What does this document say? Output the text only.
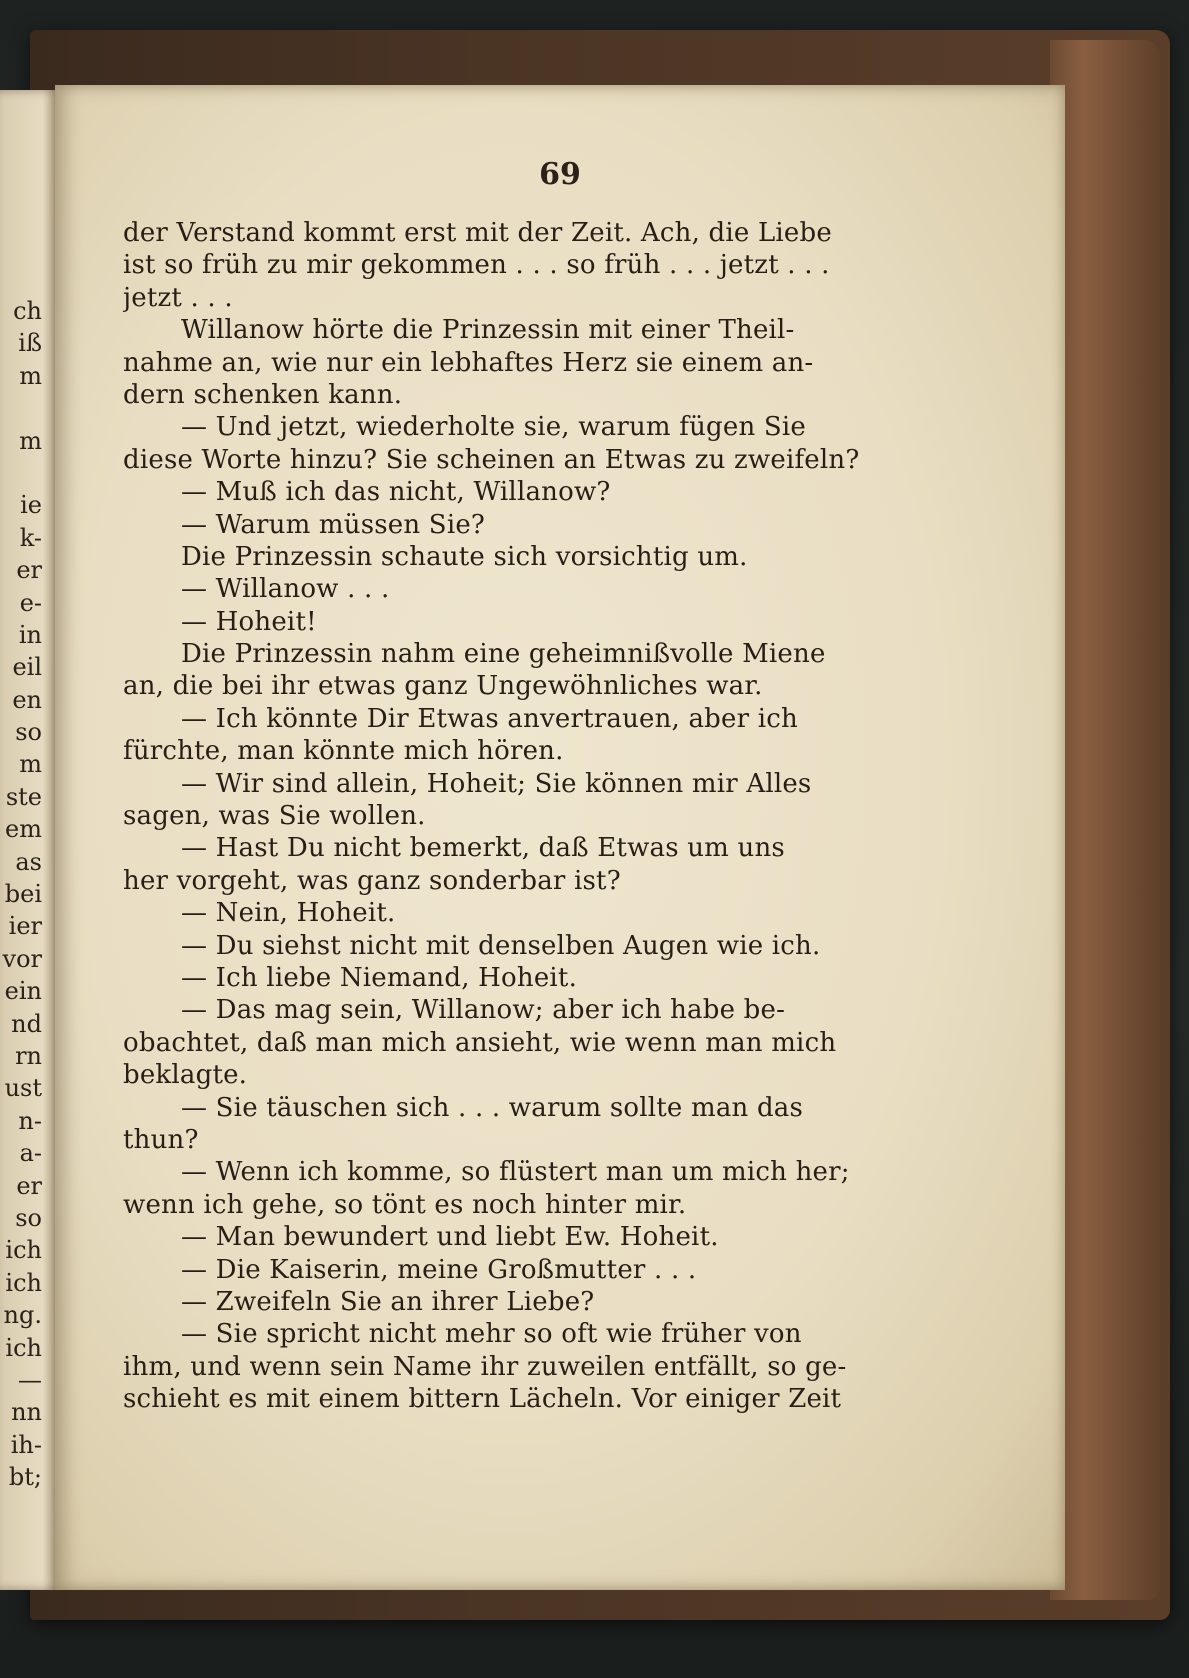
ch
iß
m
m
ie
k-
er
e-
in
eil
en
so
m
ste
em
as
bei
ier
vor
ein
nd
rn
ust
n-
a-
er
so
ich
ich
ng.
ich
—
nn
ih-
bt;
69
der Verstand kommt erst mit der Zeit. Ach, die Liebe
ist so früh zu mir gekommen . . . so früh . . . jetzt . . .
jetzt . . .
Willanow hörte die Prinzessin mit einer Theil-
nahme an, wie nur ein lebhaftes Herz sie einem an-
dern schenken kann.
— Und jetzt, wiederholte sie, warum fügen Sie
diese Worte hinzu? Sie scheinen an Etwas zu zweifeln?
— Muß ich das nicht, Willanow?
— Warum müssen Sie?
Die Prinzessin schaute sich vorsichtig um.
— Willanow . . .
— Hoheit!
Die Prinzessin nahm eine geheimnißvolle Miene
an, die bei ihr etwas ganz Ungewöhnliches war.
— Ich könnte Dir Etwas anvertrauen, aber ich
fürchte, man könnte mich hören.
— Wir sind allein, Hoheit; Sie können mir Alles
sagen, was Sie wollen.
— Hast Du nicht bemerkt, daß Etwas um uns
her vorgeht, was ganz sonderbar ist?
— Nein, Hoheit.
— Du siehst nicht mit denselben Augen wie ich.
— Ich liebe Niemand, Hoheit.
— Das mag sein, Willanow; aber ich habe be-
obachtet, daß man mich ansieht, wie wenn man mich
beklagte.
— Sie täuschen sich . . . warum sollte man das
thun?
— Wenn ich komme, so flüstert man um mich her;
wenn ich gehe, so tönt es noch hinter mir.
— Man bewundert und liebt Ew. Hoheit.
— Die Kaiserin, meine Großmutter . . .
— Zweifeln Sie an ihrer Liebe?
— Sie spricht nicht mehr so oft wie früher von
ihm, und wenn sein Name ihr zuweilen entfällt, so ge-
schieht es mit einem bittern Lächeln. Vor einiger Zeit
